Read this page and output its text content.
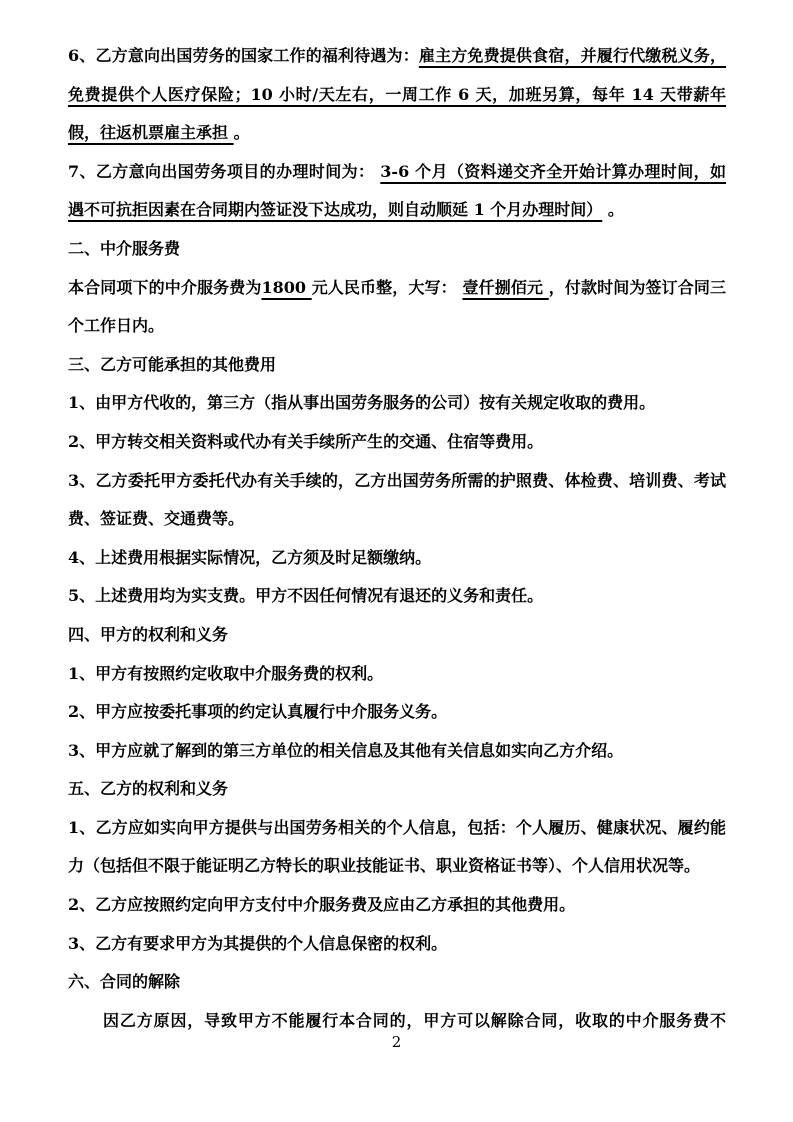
6、乙方意向出国劳务的国家工作的福利待遇为：雇主方免费提供食宿，并履行代缴税义务，免费提供个人医疗保险；10 小时/天左右，一周工作 6 天，加班另算，每年 14 天带薪年假，往返机票雇主承担 。

7、乙方意向出国劳务项目的办理时间为： 3-6 个月（资料递交齐全开始计算办理时间，如遇不可抗拒因素在合同期内签证没下达成功，则自动顺延 1 个月办理时间） 。

二、中介服务费

本合同项下的中介服务费为1800 元人民币整，大写： 壹仟捌佰元 ，付款时间为签订合同三个工作日内。

三、乙方可能承担的其他费用

1、由甲方代收的，第三方（指从事出国劳务服务的公司）按有关规定收取的费用。

2、甲方转交相关资料或代办有关手续所产生的交通、住宿等费用。

3、乙方委托甲方委托代办有关手续的，乙方出国劳务所需的护照费、体检费、培训费、考试费、签证费、交通费等。

4、上述费用根据实际情况，乙方须及时足额缴纳。

5、上述费用均为实支费。甲方不因任何情况有退还的义务和责任。

四、甲方的权利和义务

1、甲方有按照约定收取中介服务费的权利。

2、甲方应按委托事项的约定认真履行中介服务义务。

3、甲方应就了解到的第三方单位的相关信息及其他有关信息如实向乙方介绍。

五、乙方的权利和义务

1、乙方应如实向甲方提供与出国劳务相关的个人信息，包括：个人履历、健康状况、履约能力（包括但不限于能证明乙方特长的职业技能证书、职业资格证书等）、个人信用状况等。

2、乙方应按照约定向甲方支付中介服务费及应由乙方承担的其他费用。

3、乙方有要求甲方为其提供的个人信息保密的权利。

六、合同的解除

因乙方原因，导致甲方不能履行本合同的，甲方可以解除合同，收取的中介服务费不

2
